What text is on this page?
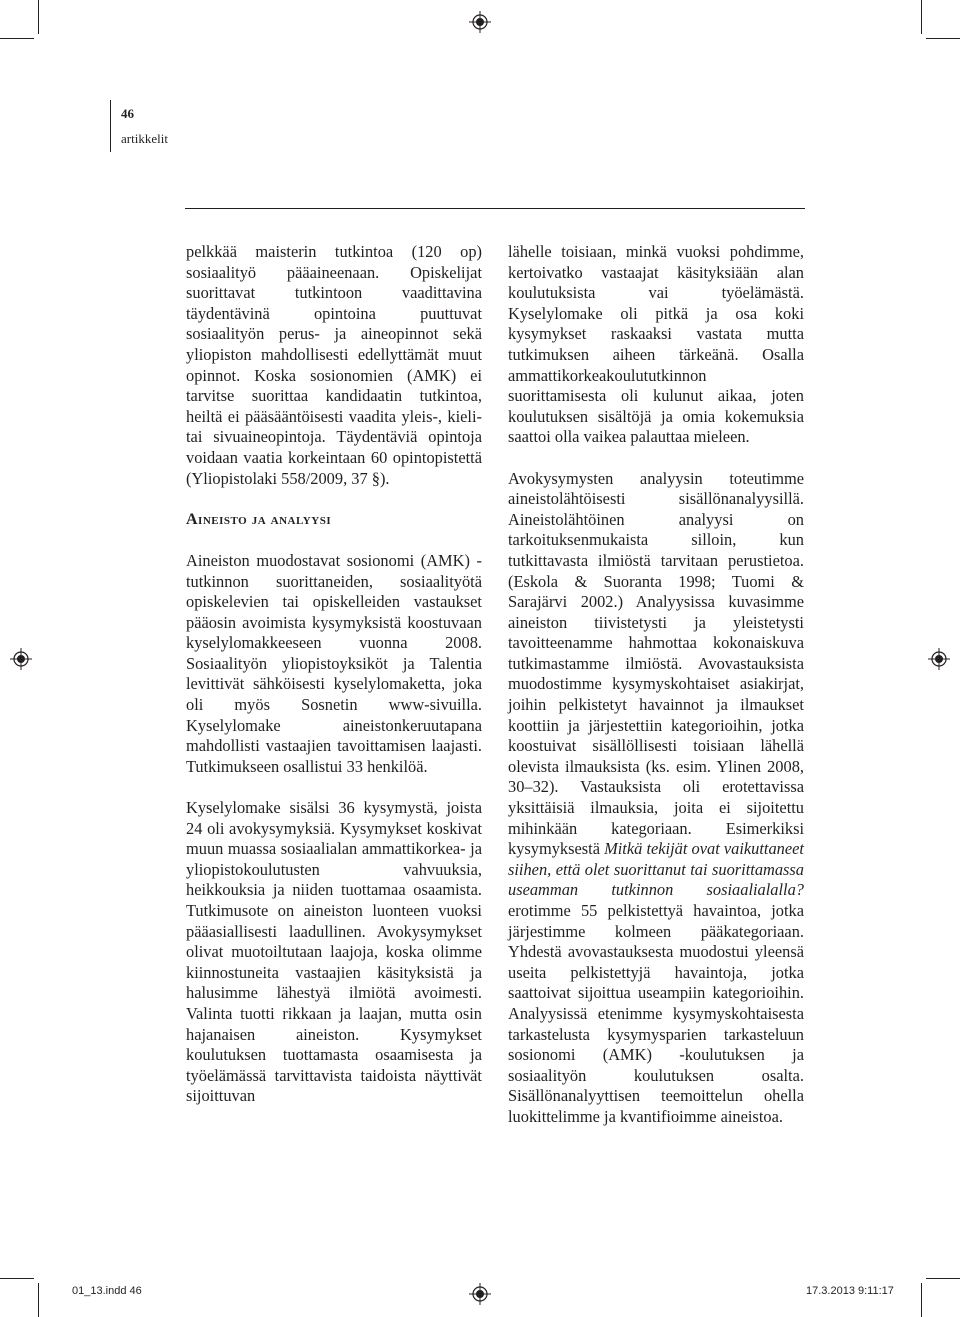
46
artikkelit

pelkkää maisterin tutkintoa (120 op) sosiaalityö pääaineenaan. Opiskelijat suorittavat tutkintoon vaadittavina täydentävinä opintoina puuttuvat sosiaalityön perus- ja aineopinnot sekä yliopiston mahdollisesti edellyttämät muut opinnot. Koska sosionomien (AMK) ei tarvitse suorittaa kandidaatin tutkintoa, heiltä ei pääsääntöisesti vaadita yleis-, kieli- tai sivuaineopintoja. Täydentäviä opintoja voidaan vaatia korkeintaan 60 opintopistettä (Yliopistolaki 558/2009, 37 §).

Aineisto ja analyysi

Aineiston muodostavat sosionomi (AMK) -tutkinnon suorittaneiden, sosiaalityötä opiskelevien tai opiskelleiden vastaukset pääosin avoimista kysymyksistä koostuvaan kyselylomakkeeseen vuonna 2008. Sosiaalityön yliopistoyksiköt ja Talentia levittivät sähköisesti kyselylomaketta, joka oli myös Sosnetin www-sivuilla. Kyselylomake aineistonkeruutapana mahdollisti vastaajien tavoittamisen laajasti. Tutkimukseen osallistui 33 henkilöä.

Kyselylomake sisälsi 36 kysymystä, joista 24 oli avokysymyksiä. Kysymykset koskivat muun muassa sosiaalialan ammattikorkea- ja yliopistokoulutusten vahvuuksia, heikkouksia ja niiden tuottamaa osaamista. Tutkimusote on aineiston luonteen vuoksi pääasiallisesti laadullinen. Avokysymykset olivat muotoiltutaan laajoja, koska olimme kiinnostuneita vastaajien käsityksistä ja halusimme lähestyä ilmiötä avoimesti. Valinta tuotti rikkaan ja laajan, mutta osin hajanaisen aineiston. Kysymykset koulutuksen tuottamasta osaamisesta ja työelämässä tarvittavista taidoista näyttivät sijoittuvan

lähelle toisiaan, minkä vuoksi pohdimme, kertoivatko vastaajat käsityksiään alan koulutuksista vai työelämästä. Kyselylomake oli pitkä ja osa koki kysymykset raskaaksi vastata mutta tutkimuksen aiheen tärkeänä. Osalla ammattikorkeakoulututkinnon suorittamisesta oli kulunut aikaa, joten koulutuksen sisältöjä ja omia kokemuksia saattoi olla vaikea palauttaa mieleen.

Avokysymysten analyysin toteutimme aineistolähtöisesti sisällönanalyysillä. Aineistolähtöinen analyysi on tarkoituksenmukaista silloin, kun tutkittavasta ilmiöstä tarvitaan perustietoa. (Eskola & Suoranta 1998; Tuomi & Sarajärvi 2002.) Analyysissa kuvasimme aineiston tiivistetysti ja yleistetysti tavoitteenamme hahmottaa kokonaiskuva tutkimastamme ilmiöstä. Avovastauksista muodostimme kysymyskohtaiset asiakirjat, joihin pelkistetyt havainnot ja ilmaukset koottiin ja järjestettiin kategorioihin, jotka koostuivat sisällöllisesti toisiaan lähellä olevista ilmauksista (ks. esim. Ylinen 2008, 30–32). Vastauksista oli erotettavissa yksittäisiä ilmauksia, joita ei sijoitettu mihinkään kategoriaan. Esimerkiksi kysymyksestä Mitkä tekijät ovat vaikuttaneet siihen, että olet suorittanut tai suorittamassa useamman tutkinnon sosiaalialalla? erotimme 55 pelkistettyä havaintoa, jotka järjestimme kolmeen pääkategoriaan. Yhdestä avovastauksesta muodostui yleensä useita pelkistettyjä havaintoja, jotka saattoivat sijoittua useampiin kategorioihin. Analyysissä etenimme kysymyskohtaisesta tarkastelusta kysymysparien tarkasteluun sosionomi (AMK) -koulutuksen ja sosiaalityön koulutuksen osalta. Sisällönanalyyttisen teemoittelun ohella luokittelimme ja kvantifioimme aineistoa.

01_13.indd 46	17.3.2013 9:11:17
